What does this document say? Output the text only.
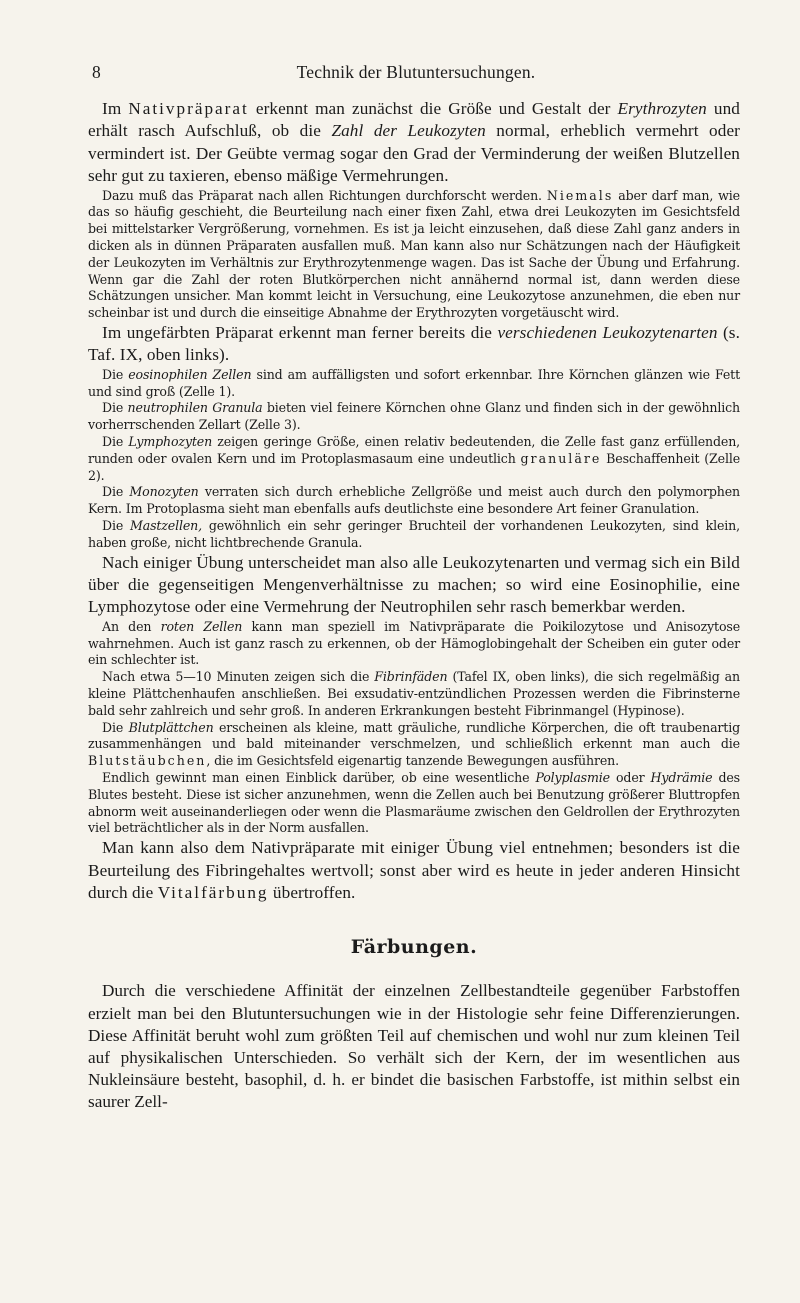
8	Technik der Blutuntersuchungen.

Im Nativpräparat erkennt man zunächst die Größe und Gestalt der Erythrozyten und erhält rasch Aufschluß, ob die Zahl der Leukozyten normal, erheblich vermehrt oder vermindert ist. Der Geübte vermag sogar den Grad der Verminderung der weißen Blutzellen sehr gut zu taxieren, ebenso mäßige Vermehrungen.

Dazu muß das Präparat nach allen Richtungen durchforscht werden. Niemals aber darf man, wie das so häufig geschieht, die Beurteilung nach einer fixen Zahl, etwa drei Leukozyten im Gesichtsfeld bei mittelstarker Vergrößerung, vornehmen. Es ist ja leicht einzusehen, daß diese Zahl ganz anders in dicken als in dünnen Präparaten ausfallen muß. Man kann also nur Schätzungen nach der Häufigkeit der Leukozyten im Verhältnis zur Erythrozytenmenge wagen. Das ist Sache der Übung und Erfahrung. Wenn gar die Zahl der roten Blutkörperchen nicht annähernd normal ist, dann werden diese Schätzungen unsicher. Man kommt leicht in Versuchung, eine Leukozytose anzunehmen, die eben nur scheinbar ist und durch die einseitige Abnahme der Erythrozyten vorgetäuscht wird.

Im ungefärbten Präparat erkennt man ferner bereits die verschiedenen Leukozytenarten (s. Taf. IX, oben links).

Die eosinophilen Zellen sind am auffälligsten und sofort erkennbar. Ihre Körnchen glänzen wie Fett und sind groß (Zelle 1).

Die neutrophilen Granula bieten viel feinere Körnchen ohne Glanz und finden sich in der gewöhnlich vorherrschenden Zellart (Zelle 3).

Die Lymphozyten zeigen geringe Größe, einen relativ bedeutenden, die Zelle fast ganz erfüllenden, runden oder ovalen Kern und im Protoplasmasaum eine undeutlich granuläre Beschaffenheit (Zelle 2).

Die Monozyten verraten sich durch erhebliche Zellgröße und meist auch durch den polymorphen Kern. Im Protoplasma sieht man ebenfalls aufs deutlichste eine besondere Art feiner Granulation.

Die Mastzellen, gewöhnlich ein sehr geringer Bruchteil der vorhandenen Leukozyten, sind klein, haben große, nicht lichtbrechende Granula.

Nach einiger Übung unterscheidet man also alle Leukozytenarten und vermag sich ein Bild über die gegenseitigen Mengenverhältnisse zu machen; so wird eine Eosinophilie, eine Lymphozytose oder eine Vermehrung der Neutrophilen sehr rasch bemerkbar werden.

An den roten Zellen kann man speziell im Nativpräparate die Poikilozytose und Anisozytose wahrnehmen. Auch ist ganz rasch zu erkennen, ob der Hämoglobingehalt der Scheiben ein guter oder ein schlechter ist.

Nach etwa 5—10 Minuten zeigen sich die Fibrinfäden (Tafel IX, oben links), die sich regelmäßig an kleine Plättchenhaufen anschließen. Bei exsudativ-entzündlichen Prozessen werden die Fibrinsterne bald sehr zahlreich und sehr groß. In anderen Erkrankungen besteht Fibrinmangel (Hypinose).

Die Blutplättchen erscheinen als kleine, matt gräuliche, rundliche Körperchen, die oft traubenartig zusammenhängen und bald miteinander verschmelzen, und schließlich erkennt man auch die Blutstäubchen, die im Gesichtsfeld eigenartig tanzende Bewegungen ausführen.

Endlich gewinnt man einen Einblick darüber, ob eine wesentliche Polyplasmie oder Hydrämie des Blutes besteht. Diese ist sicher anzunehmen, wenn die Zellen auch bei Benutzung größerer Bluttropfen abnorm weit auseinanderliegen oder wenn die Plasmaräume zwischen den Geldrollen der Erythrozyten viel beträchtlicher als in der Norm ausfallen.

Man kann also dem Nativpräparate mit einiger Übung viel entnehmen; besonders ist die Beurteilung des Fibringehaltes wertvoll; sonst aber wird es heute in jeder anderen Hinsicht durch die Vitalfärbung übertroffen.

Färbungen.

Durch die verschiedene Affinität der einzelnen Zellbestandteile gegenüber Farbstoffen erzielt man bei den Blutuntersuchungen wie in der Histologie sehr feine Differenzierungen. Diese Affinität beruht wohl zum größten Teil auf chemischen und wohl nur zum kleinen Teil auf physikalischen Unterschieden. So verhält sich der Kern, der im wesentlichen aus Nukleinsäure besteht, basophil, d. h. er bindet die basischen Farbstoffe, ist mithin selbst ein saurer Zell-
